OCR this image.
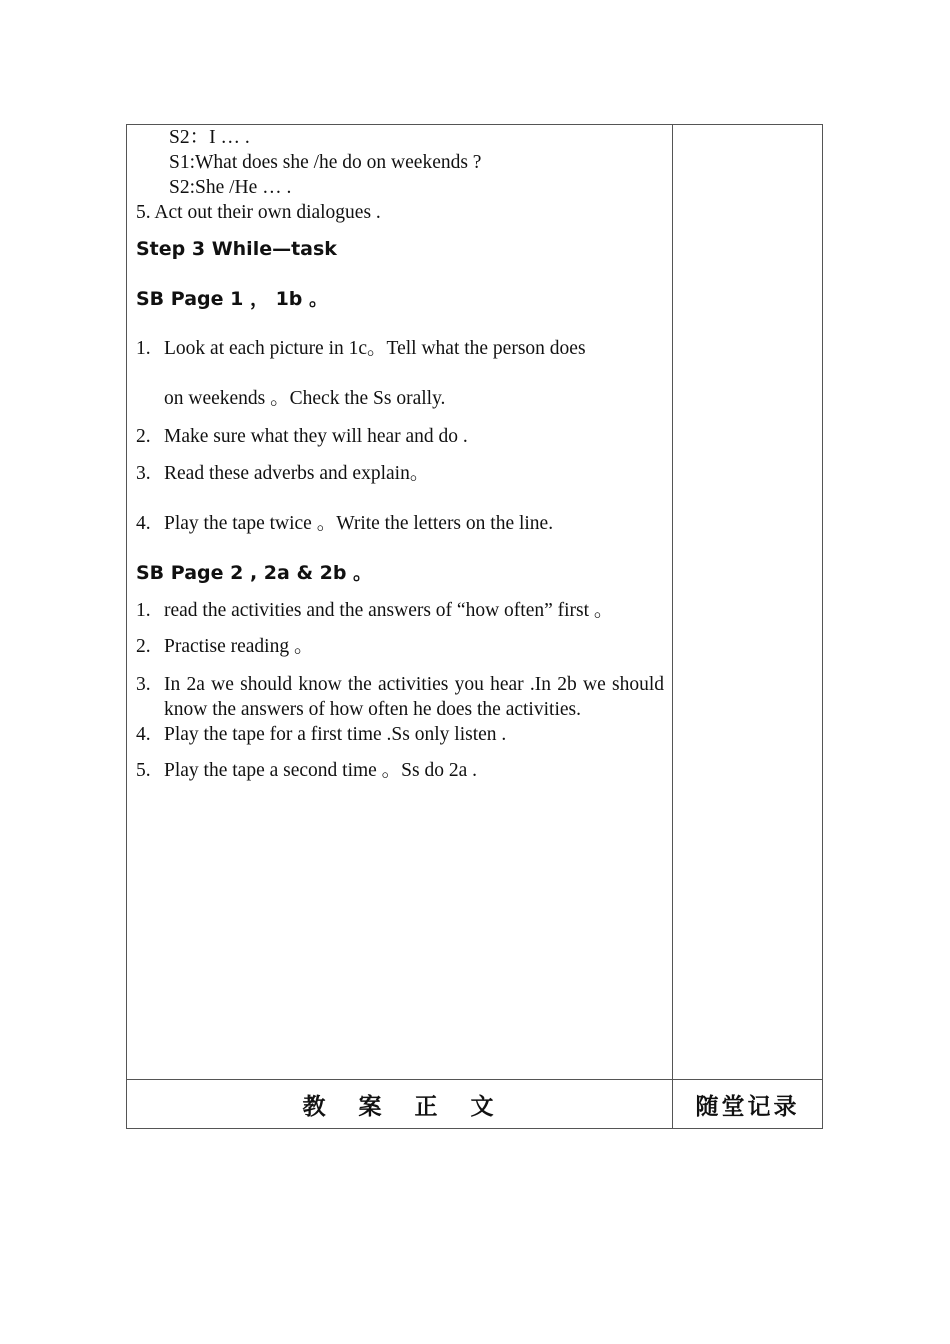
S2：I … .
S1:What does she /he do on weekends ?
S2:She /He … .
5. Act out their own dialogues .
Step 3 While—task
SB Page 1 ， 1b 。
1. Look at each picture in 1c。Tell what the person does
on weekends 。Check the Ss orally.
2. Make sure what they will hear and do .
3. Read these adverbs and explain。
4. Play the tape twice 。Write the letters on the line.
SB Page 2 , 2a & 2b 。
1. read the activities and the answers of “how often” first 。
2. Practise reading 。
3. In 2a we should know the activities you hear .In 2b we should know the answers of how often he does the activities.
4. Play the tape for a first time .Ss only listen .
5. Play the tape a second time 。Ss do 2a .
教  案  正  文	随堂记录
